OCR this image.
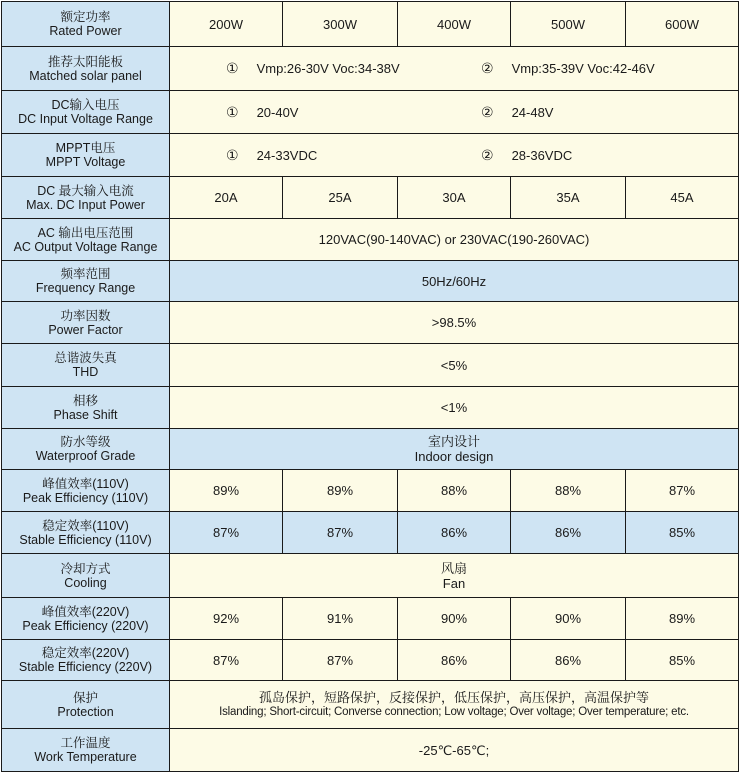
额定功率
Rated Power	200W	300W	400W	500W	600W

推荐太阳能板
Matched solar panel	① Vmp:26-30V Voc:34-38V ② Vmp:35-39V Voc:42-46V				

DC输入电压
DC Input Voltage Range	① 20-40V ② 24-48V				

MPPT电压
MPPT Voltage	① 24-33VDC ② 28-36VDC				

DC 最大输入电流
Max. DC Input Power	20A	25A	30A	35A	45A

AC 输出电压范围
AC Output Voltage Range	120VAC(90-140VAC) or 230VAC(190-260VAC)				

频率范围
Frequency Range	50Hz/60Hz				

功率因数
Power Factor	>98.5%				

总谐波失真
THD	<5%				

相移
Phase Shift	<1%				

防水等级
Waterproof Grade	室内设计
Indoor design				

峰值效率(110V)
Peak Efficiency (110V)	89%	89%	88%	88%	87%

稳定效率(110V)
Stable Efficiency (110V)	87%	87%	86%	86%	85%

冷却方式
Cooling	风扇
Fan				

峰值效率(220V)
Peak Efficiency (220V)	92%	91%	90%	90%	89%

稳定效率(220V)
Stable Efficiency (220V)	87%	87%	86%	86%	85%

保护
Protection	孤岛保护，短路保护，反接保护，低压保护，高压保护，高温保护等
Islanding; Short-circuit; Converse connection; Low voltage; Over voltage; Over temperature; etc.				

工作温度
Work Temperature	-25℃-65℃;				
